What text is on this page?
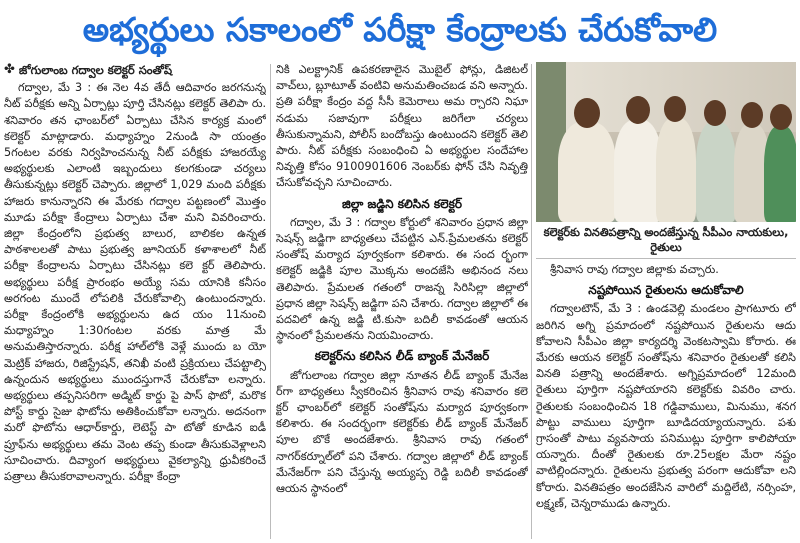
అభ్యర్థులు సకాలంలో పరీక్షా కేంద్రాలకు చేరుకోవాలి
✤ జోగులాంబ గద్వాల కలెక్టర్ సంతోష్

గద్వాల, మే 3 : ఈ నెల 4వ తేదీ ఆదివారం జరగనున్న నీట్ పరీక్షకు అన్ని ఏర్పాట్లు పూర్తి చేసినట్లు కలెక్టర్ తెలిపా రు. శనివారం తన ఛాంబర్‌లో ఏర్పాటు చేసిన కార్యక్ర మంలో కలెక్టర్ మాట్లాడారు. మధ్యాహ్నం 2నుండి సా యంత్రం 5గంటల వరకు నిర్వహించనున్న నీట్ పరీక్షకు హాజరయ్యే అభ్యర్థులకు ఎలాంటి ఇబ్బందులు కలగకుండా చర్యలు తీసుకున్నట్లు కలెక్టర్ చెప్పారు. జిల్లాలో 1,029 మంది పరీక్షకు హాజరు కానున్నారని ఈ మేరకు గద్వాల పట్టణంలో మొత్తం మూడు పరీక్షా కేంద్రాలు ఏర్పాటు చేశా మని వివరించారు. జిల్లా కేంద్రంలోని ప్రభుత్వ బాలుర, బాలికల ఉన్నత పాఠశాలలతో పాటు ప్రభుత్వ జూనియర్ కళాశాలలో నీట్ పరీక్షా కేంద్రాలను ఏర్పాటు చేసినట్లు కలె క్టర్ తెలిపారు. అభ్యర్థులు పరీక్ష ప్రారంభం అయ్యే సమ యానికి కనీసం అరగంట ముందే లోపలికి చేరుకోవాల్సి ఉంటుందన్నారు. పరీక్షా కేంద్రంలోకి అభ్యర్థులను ఉద యం 11నుంచి మధ్యాహ్నం 1:30గంటల వరకు మాత్ర మే అనుమతిస్తారన్నారు. పరీక్ష హాల్‌లోకి వెళ్లే ముందు బ యో మెట్రిక్ హాజరు, రిజిస్ట్రేషన్, తనిఖీ వంటి ప్రక్రియలు చేపట్టాల్సి ఉన్నందున అభ్యర్థులు ముందస్తుగానే చేరుకోవా లన్నారు. అభ్యర్థులు తప్పనిసరిగా అడ్మిట్ కార్డు పై పాస్ ఫొటో, మరొక పోస్ట్ కార్డు సైజు ఫొటోను అతికించుకోవా లన్నారు. అదనంగా మరో ఫొటోను ఆధార్‌కార్డు, లెటెస్ట్ పా టోతో కూడిన ఐడీ ప్రూఫ్‌ను అభ్యర్థులు తమ వెంట తప్ప కుండా తీసుకువెళ్లాలని సూచించారు. దివ్యాంగ అభ్యర్థులు వైకల్యాన్ని ధ్రువీకరించే పత్రాలు తీసుకరావాలన్నారు. పరీక్షా కేంద్రా

నికి ఎలక్ట్రానిక్ ఉపకరణాలైన మొబైల్ ఫోన్లు, డిజిటల్ వాచ్‌లు, బ్లూటూత్ వంటివి అనుమతించబడ వని అన్నారు. ప్రతి పరీక్షా కేంద్రం వద్ద సీసీ కెమెరాలు అమ ర్చారని నిఘా నడుమ సజావుగా పరీక్షలు జరిగేలా చర్యలు తీసుకున్నామని, పోలీస్ బందోబస్తు ఉంటుందని కలెక్టర్ తెలి పారు. నీట్ పరీక్షకు సంబంధించి ఏ అభ్యర్థుల సందేహాల నివృత్తి కోసం 9100901606 నెంబర్‌కు ఫోన్ చేసి నివృత్తి చేసుకోవచ్చని సూచించారు.

జిల్లా జడ్జిని కలిసిన కలెక్టర్

గద్వాల, మే 3 : గద్వాల కోర్టులో శనివారం ప్రధాన జిల్లా సెషన్స్ జడ్జిగా బాధ్యతలు చేపట్టిన ఎన్.ప్రేమలతను కలెక్టర్ సంతోష్ మర్యాద పూర్వకంగా కలిశారు. ఈ సంద ర్భంగా కలెక్టర్ జడ్జికి పూల మొక్కను అందజేసి అభినంద నలు తెలిపారు. ప్రేమలత గతంలో రాజన్న సిరిసిల్లా జిల్లాలో ప్రధాన జిల్లా సెషన్స్ జడ్జిగా పని చేశారు. గద్వాల జిల్లాలో ఈ పదవిలో ఉన్న జడ్జి టి.కుసా బదిలీ కావడంతో ఆయన స్థానంలో ప్రేమలతను నియమించారు.

కలెక్టర్‌ను కలిసిన లీడ్ బ్యాంక్ మేనేజర్

జోగులాంబ గద్వాల జిల్లా నూతన లీడ్ బ్యాంక్ మేనేజ ర్‌గా బాధ్యతలు స్వీకరించిన శ్రీనివాస రావు శనివారం కలె క్టర్ ఛాంబర్‌లో కలెక్టర్ సంతోష్‌ను మర్యాద పూర్వకంగా కలిశారు. ఈ సందర్భంగా కలెక్టర్‌కు లీడ్ బ్యాంక్ మేనేజర్ పూల బొకే అందజేశారు. శ్రీనివాస రావు గతంలో నాగర్‌కర్నూల్‌లో పని చేశారు. గద్వాల జిల్లాలో లీడ్ బ్యాంక్ మేనేజర్‌గా పని చేస్తున్న అయ్యప్ప రెడ్డి బదిలీ కావడంతో ఆయన స్థానంలో

కలెక్టర్‌కు వినతిపత్రాన్ని అందజేస్తున్న సీపీఎం నాయకులు, రైతులు

శ్రీనివాస రావు గద్వాల జిల్లాకు వచ్చారు.

నష్టపోయిన రైతులను ఆదుకోవాలి

గద్వాలటౌన్, మే 3 : ఉండవెల్లి మండలం ప్రాగటూరు లో జరిగిన అగ్ని ప్రమాదంలో నష్టపోయిన రైతులను ఆదు కోవాలని సీపీఎం జిల్లా కార్యదర్శి వెంకటస్వామి కోరారు. ఈ మేరకు ఆయన కలెక్టర్ సంతోష్‌ను శనివారం రైతులతో కలిసి వినతి పత్రాన్ని అందజేశారు. అగ్నిప్రమాదంలో 12మంది రైతులు పూర్తిగా నష్టపోయారని కలెక్టర్‌కు వివరిం చారు. రైతులకు సంబంధించిన 18 గడ్డివాములు, మినుము, శనగ పొట్టు వాములు పూర్తిగా బూడిదయ్యాయన్నారు. పశు గ్రాసంతో పాటు వ్యవసాయ పనిముట్లు పూర్తిగా కాలిపోయా యన్నారు. దీంతో రైతులకు రూ.25లక్షల మేరా నష్టం వాటిల్లిందన్నారు. రైతులను ప్రభుత్వ పరంగా ఆదుకోవా లని కోరారు. వినతిపత్రం అందజేసిన వారిలో మద్దిలేటి, నర్సింహ, లక్ష్మణ్, చెన్నరాముడు ఉన్నారు.
